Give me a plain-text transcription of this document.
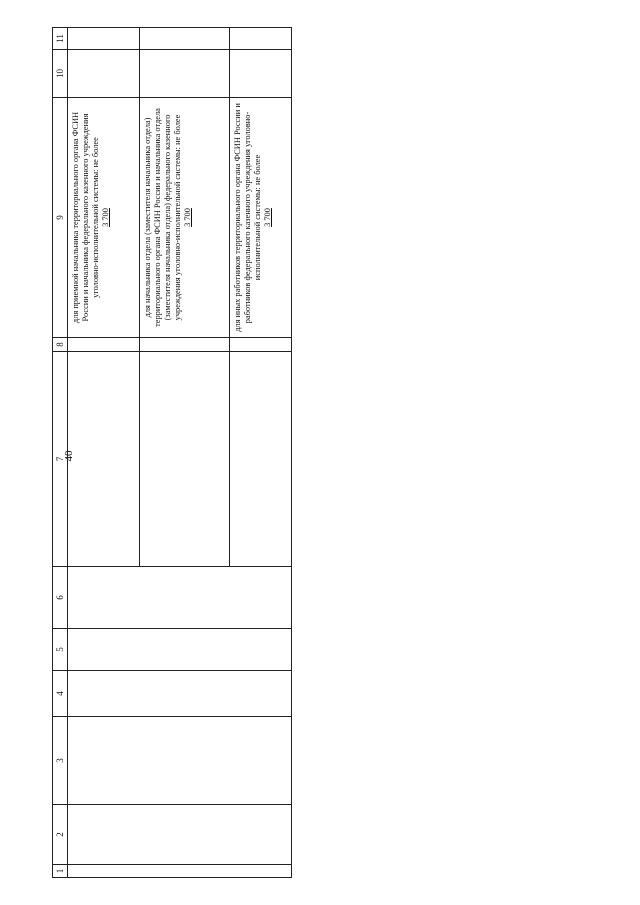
40
1	2	3	4	5	6	7	8	9	10	11

								для приемной начальника территориального органа ФСИН России и начальника федерального казенного учреждения уголовно-исполнительной системы: не более 3 700		

								для начальника отдела (заместителя начальника отдела) территориального органа ФСИН России и начальника отдела (заместителя начальника отдела) федерального казенного учреждения уголовно-исполнительной системы: не более 3 700		

								для иных работников территориального органа ФСИН России и работников федерального казенного учреждения уголовно-исполнительной системы: не более 3 700		
